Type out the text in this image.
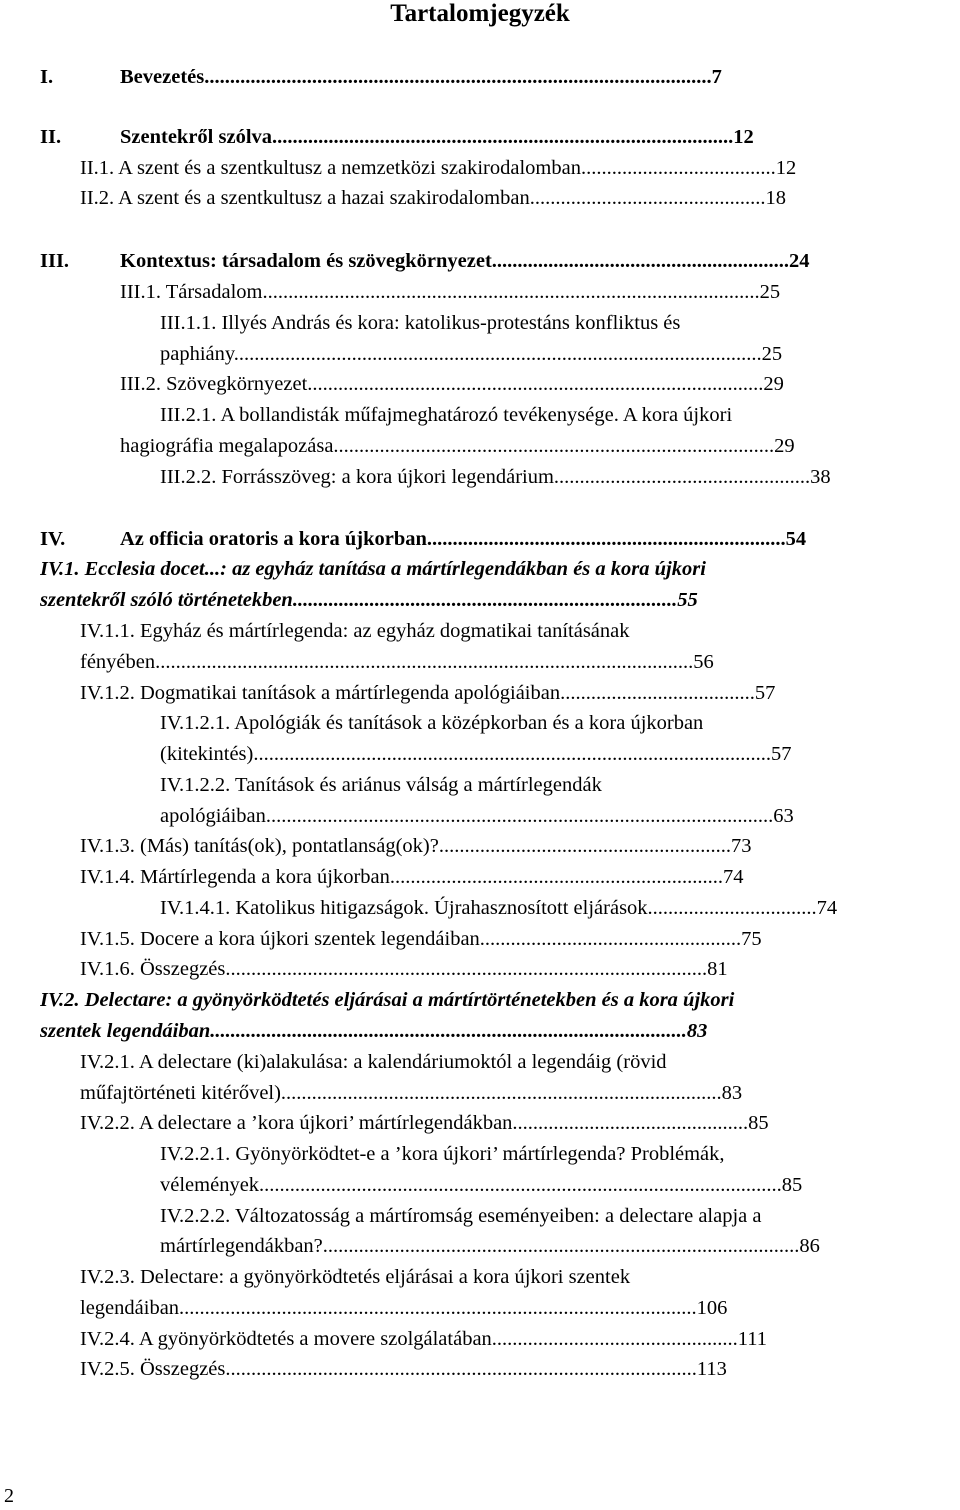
Tartalomjegyzék
I.	Bevezetés...................................................................................................7
II.	Szentekről szólva..........................................................................................12
II.1. A szent és a szentkultusz a nemzetközi szakirodalomban......................................12
II.2. A szent és a szentkultusz a hazai szakirodalomban..............................................18
III.	Kontextus: társadalom és szövegkörnyezet..........................................................24
III.1. Társadalom.................................................................................................25
III.1.1. Illyés András és kora: katolikus-protestáns konfliktus és
paphiány.......................................................................................................25
III.2. Szövegkörnyezet.........................................................................................29
III.2.1. A bollandisták műfajmeghatározó tevékenysége. A kora újkori
hagiográfia megalapozása......................................................................................29
III.2.2. Forrásszöveg: a kora újkori legendárium..................................................38
IV.	Az officia oratoris a kora újkorban......................................................................54
IV.1. Ecclesia docet...: az egyház tanítása a mártírlegendákban és a kora újkori
szentekről szóló történetekben...........................................................................55
IV.1.1. Egyház és mártírlegenda: az egyház dogmatikai tanításának
fényében.........................................................................................................56
IV.1.2. Dogmatikai tanítások a mártírlegenda apológiáiban......................................57
IV.1.2.1. Apológiák és tanítások a középkorban és a kora újkorban
(kitekintés).....................................................................................................57
IV.1.2.2. Tanítások és ariánus válság a mártírlegendák
apológiáiban...................................................................................................63
IV.1.3. (Más) tanítás(ok), pontatlanság(ok)?.........................................................73
IV.1.4. Mártírlegenda a kora újkorban.................................................................74
IV.1.4.1. Katolikus hitigazságok. Újrahasznosított eljárások.................................74
IV.1.5. Docere a kora újkori szentek legendáiban...................................................75
IV.1.6. Összegzés..............................................................................................81
IV.2. Delectare: a gyönyörködtetés eljárásai a mártírtörténetekben és a kora újkori
szentek legendáiban.............................................................................................83
IV.2.1. A delectare (ki)alakulása: a kalendáriumoktól a legendáig (rövid
műfajtörténeti kitérővel)......................................................................................83
IV.2.2. A delectare a ’kora újkori’ mártírlegendákban..............................................85
IV.2.2.1. Gyönyörködtet-e a ’kora újkori’ mártírlegenda? Problémák,
vélemények......................................................................................................85
IV.2.2.2. Változatosság a mártíromság eseményeiben: a delectare alapja a
mártírlegendákban?.............................................................................................86
IV.2.3. Delectare: a gyönyörködtetés eljárásai a kora újkori szentek
legendáiban.....................................................................................................106
IV.2.4. A gyönyörködtetés a movere szolgálatában................................................111
IV.2.5. Összegzés............................................................................................113
2
